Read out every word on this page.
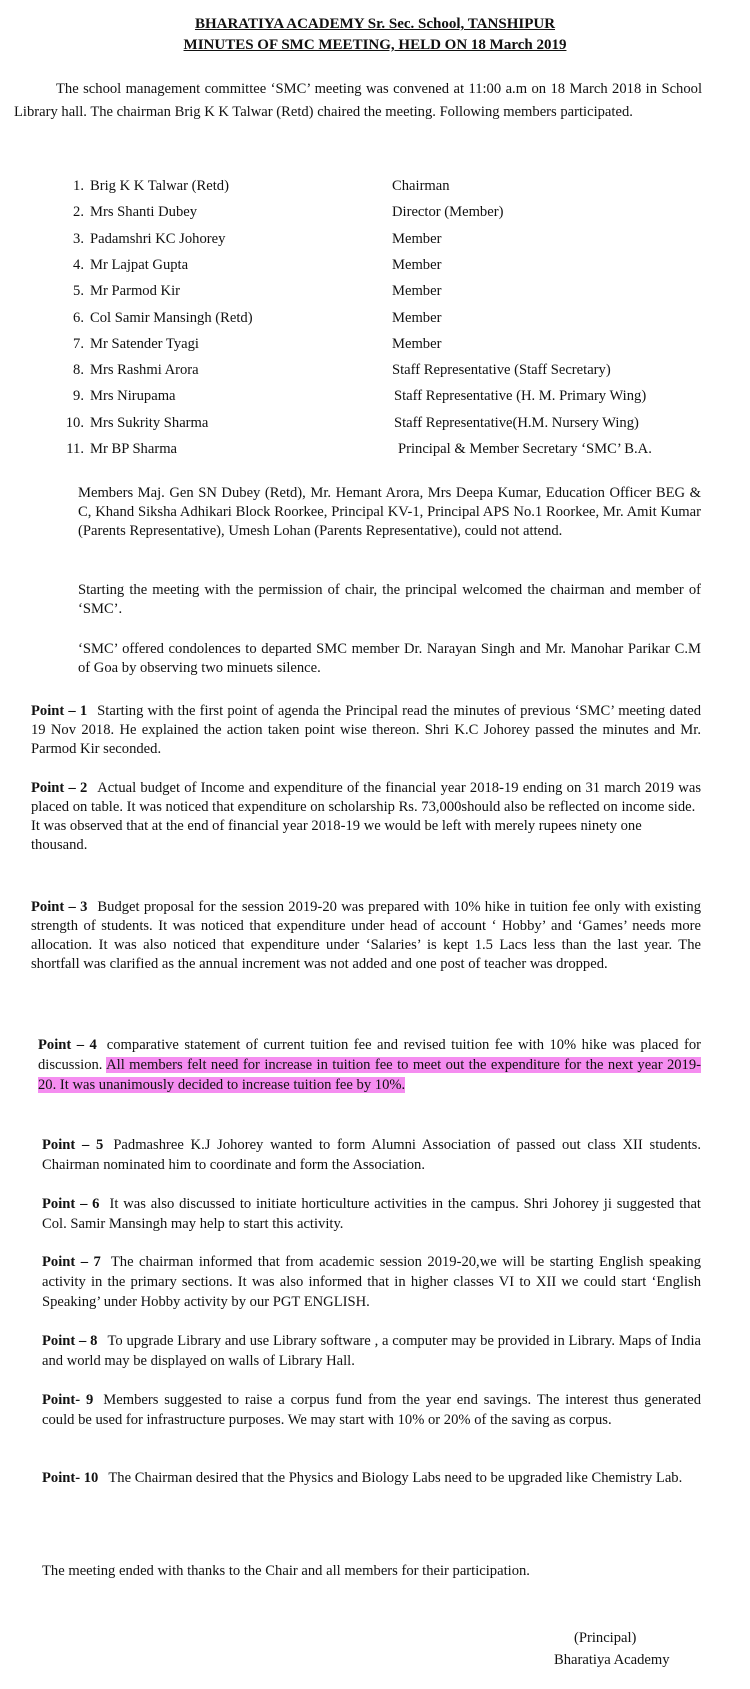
BHARATIYA ACADEMY Sr. Sec. School, TANSHIPUR
MINUTES OF SMC MEETING, HELD ON 18 March 2019
The school management committee ‘SMC’ meeting was convened at 11:00 a.m on 18 March 2018 in School Library hall. The chairman Brig K K Talwar (Retd) chaired the meeting. Following members participated.
1. Brig K K Talwar (Retd)	Chairman
2. Mrs Shanti Dubey	Director (Member)
3. Padamshri KC Johorey	Member
4. Mr Lajpat Gupta	Member
5. Mr Parmod Kir	Member
6. Col Samir Mansingh (Retd)	Member
7. Mr Satender Tyagi	Member
8. Mrs Rashmi Arora	Staff Representative (Staff Secretary)
9. Mrs Nirupama	Staff Representative (H. M. Primary Wing)
10. Mrs Sukrity Sharma	Staff Representative(H.M. Nursery Wing)
11. Mr BP Sharma	Principal & Member Secretary ‘SMC’ B.A.
Members Maj. Gen SN Dubey (Retd), Mr. Hemant Arora, Mrs Deepa Kumar, Education Officer BEG & C, Khand Siksha Adhikari Block Roorkee, Principal KV-1, Principal APS No.1 Roorkee, Mr. Amit Kumar (Parents Representative), Umesh Lohan (Parents Representative), could not attend.
Starting the meeting with the permission of chair, the principal welcomed the chairman and member of ‘SMC’.
‘SMC’ offered condolences to departed SMC member Dr. Narayan Singh and Mr. Manohar Parikar C.M of Goa by observing two minuets silence.
Point – 1 Starting with the first point of agenda the Principal read the minutes of previous ‘SMC’ meeting dated 19 Nov 2018. He explained the action taken point wise thereon. Shri K.C Johorey passed the minutes and Mr. Parmod Kir seconded.
Point – 2 Actual budget of Income and expenditure of the financial year 2018-19 ending on 31 march 2019 was placed on table. It was noticed that expenditure on scholarship Rs. 73,000should also be reflected on income side.
It was observed that at the end of financial year 2018-19 we would be left with merely rupees ninety one thousand.
Point – 3 Budget proposal for the session 2019-20 was prepared with 10% hike in tuition fee only with existing strength of students. It was noticed that expenditure under head of account ‘ Hobby’ and ‘Games’ needs more allocation. It was also noticed that expenditure under ‘Salaries’ is kept 1.5 Lacs less than the last year. The shortfall was clarified as the annual increment was not added and one post of teacher was dropped.
Point – 4 comparative statement of current tuition fee and revised tuition fee with 10% hike was placed for discussion. All members felt need for increase in tuition fee to meet out the expenditure for the next year 2019-20. It was unanimously decided to increase tuition fee by 10%.
Point – 5 Padmashree K.J Johorey wanted to form Alumni Association of passed out class XII students. Chairman nominated him to coordinate and form the Association.
Point – 6 It was also discussed to initiate horticulture activities in the campus. Shri Johorey ji suggested that Col. Samir Mansingh may help to start this activity.
Point – 7 The chairman informed that from academic session 2019-20,we will be starting English speaking activity in the primary sections. It was also informed that in higher classes VI to XII we could start ‘English Speaking’ under Hobby activity by our PGT ENGLISH.
Point – 8 To upgrade Library and use Library software , a computer may be provided in Library. Maps of India and world may be displayed on walls of Library Hall.
Point- 9 Members suggested to raise a corpus fund from the year end savings. The interest thus generated could be used for infrastructure purposes. We may start with 10% or 20% of the saving as corpus.
Point- 10 The Chairman desired that the Physics and Biology Labs need to be upgraded like Chemistry Lab.
The meeting ended with thanks to the Chair and all members for their participation.
(Principal)
Bharatiya Academy
